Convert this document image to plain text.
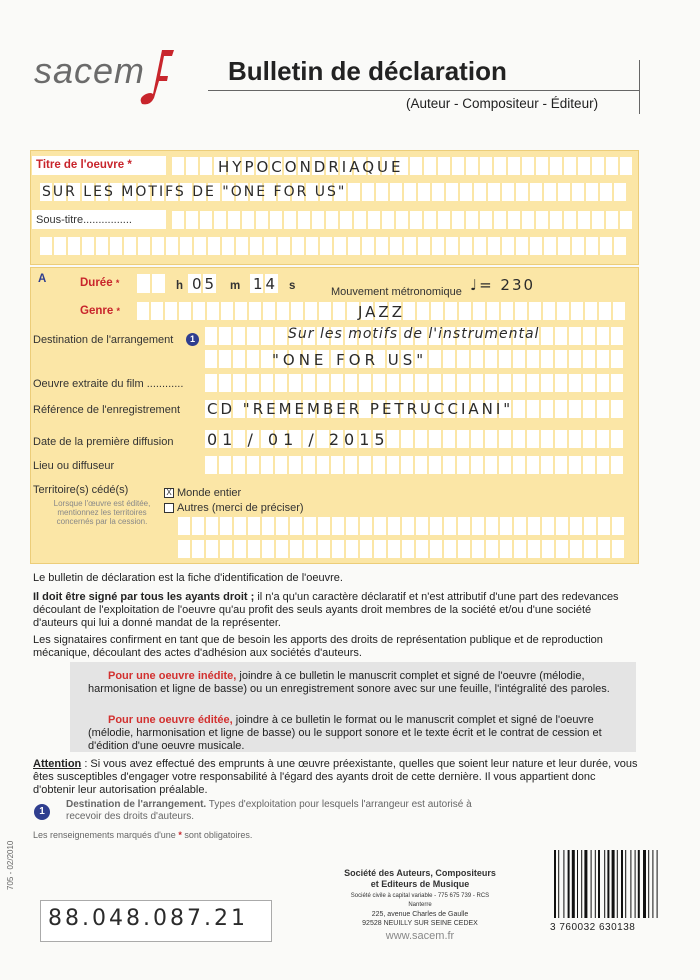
sacem	Bulletin de déclaration
(Auteur - Compositeur - Éditeur)
Titre de l'oeuvre *	HYPOCONDRIAQUE
SUR LES MOTIFS DE "ONE FOR US"
Sous-titre................
A	Durée *	h 05 m 14 s	Mouvement métronomique ♩= 230
Genre *	JAZZ
Destination de l'arrangement	1	Sur les motifs de l'instrumental
"ONE FOR US"
Oeuvre extraite du film ............
Référence de l'enregistrement CD "REMEMBER PETRUCCIANI"
Date de la première diffusion 01 / 01 / 2015
Lieu ou diffuseur
Territoire(s) cédé(s)
Lorsque l'œuvre est éditée, mentionnez les territoires concernés par la cession.
X Monde entier
Autres (merci de préciser)
Le bulletin de déclaration est la fiche d'identification de l'oeuvre.
Il doit être signé par tous les ayants droit ; il n'a qu'un caractère déclaratif et n'est attributif d'une part des redevances découlant de l'exploitation de l'oeuvre qu'au profit des seuls ayants droit membres de la société et/ou d'une société d'auteurs qui lui a donné mandat de la représenter.
Les signataires confirment en tant que de besoin les apports des droits de représentation publique et de reproduction mécanique, découlant des actes d'adhésion aux sociétés d'auteurs.
Pour une oeuvre inédite, joindre à ce bulletin le manuscrit complet et signé de l'oeuvre (mélodie, harmonisation et ligne de basse) ou un enregistrement sonore avec sur une feuille, l'intégralité des paroles.
Pour une oeuvre éditée, joindre à ce bulletin le format ou le manuscrit complet et signé de l'oeuvre (mélodie, harmonisation et ligne de basse) ou le support sonore et le texte écrit et le contrat de cession et d'édition d'une oeuvre musicale.
Attention : Si vous avez effectué des emprunts à une œuvre préexistante, quelles que soient leur nature et leur durée, vous êtes susceptibles d'engager votre responsabilité à l'égard des ayants droit de cette dernière. Il vous appartient donc d'obtenir leur autorisation préalable.
1
Destination de l'arrangement. Types d'exploitation pour lesquels l'arrangeur est autorisé à recevoir des droits d'auteurs.
Les renseignements marqués d'une * sont obligatoires.
Société des Auteurs, Compositeurs
et Editeurs de Musique
Société civile à capital variable - 775 675 739 - RCS Nanterre
225, avenue Charles de Gaulle
92528 NEUILLY SUR SEINE CEDEX
www.sacem.fr
3 760032 630138
88.048.087.21
705 - 02/2010
